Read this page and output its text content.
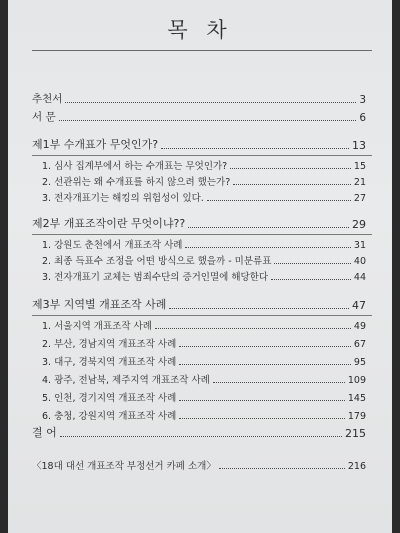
목 차
추천서	3
서 문	6
제1부 수개표가 무엇인가?	13
1. 심사 집계부에서 하는 수개표는 무엇인가?	15
2. 선관위는 왜 수개표를 하지 않으려 했는가?	21
3. 전자개표기는 해킹의 위험성이 있다.	27
제2부 개표조작이란 무엇이냐??	29
1. 강원도 춘천에서 개표조작 사례	31
2. 최종 득표수 조정을 어떤 방식으로 했을까 - 미분류표	40
3. 전자개표기 교체는 범죄수단의 증거인멸에 해당한다	44
제3부 지역별 개표조작 사례	47
1. 서울지역 개표조작 사례	49
2. 부산, 경남지역 개표조작 사례	67
3. 대구, 경북지역 개표조작 사례	95
4. 광주, 전남북, 제주지역 개표조작 사례	109
5. 인천, 경기지역 개표조작 사례	145
6. 충청, 강원지역 개표조작 사례	179
결 어	215
〈18대 대선 개표조작 부정선거 카페 소개〉	216
